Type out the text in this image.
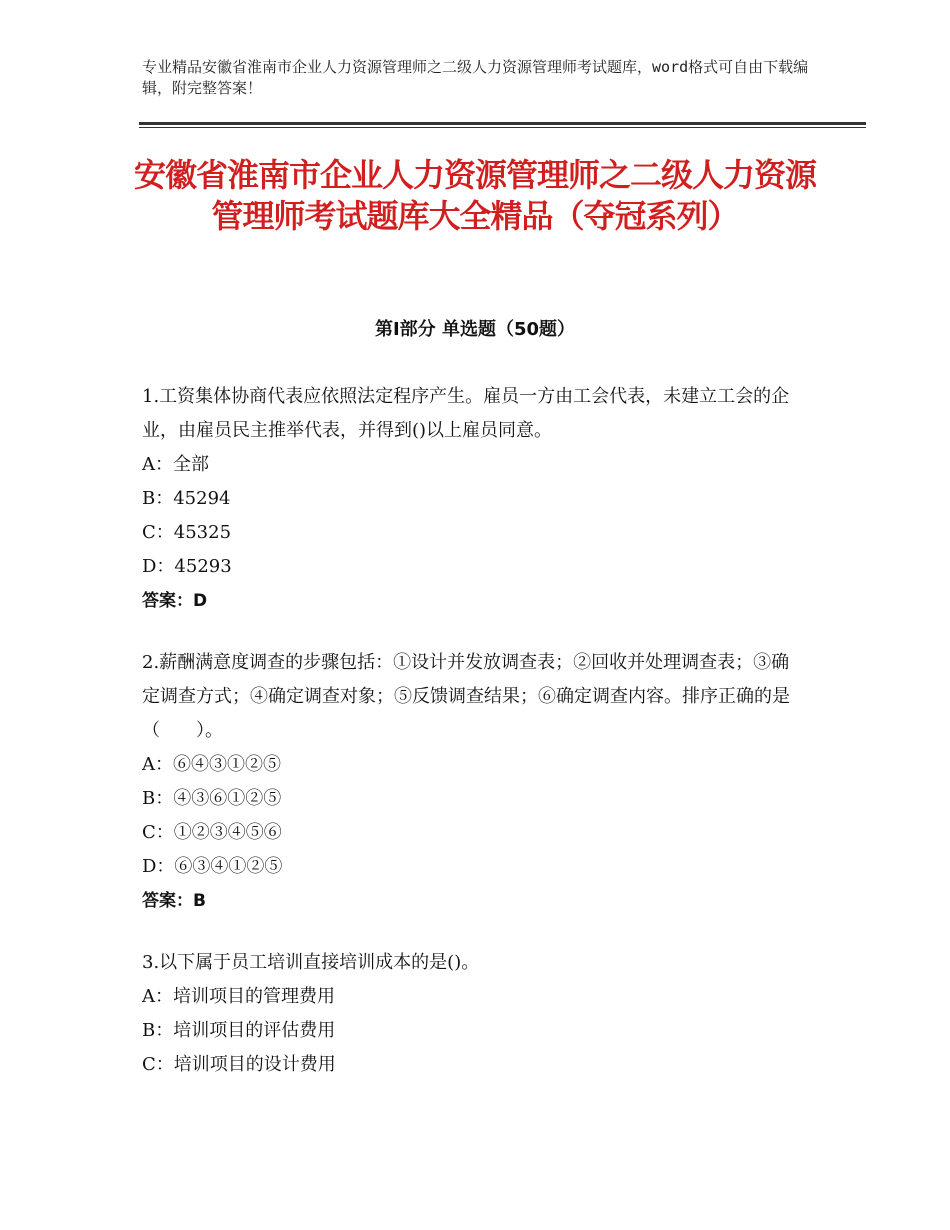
专业精品安徽省淮南市企业人力资源管理师之二级人力资源管理师考试题库，word格式可自由下载编辑，附完整答案！
安徽省淮南市企业人力资源管理师之二级人力资源管理师考试题库大全精品（夺冠系列）
第Ⅰ部分 单选题（50题）

1.工资集体协商代表应依照法定程序产生。雇员一方由工会代表，未建立工会的企业，由雇员民主推举代表，并得到()以上雇员同意。

A：全部

B：45294

C：45325

D：45293

答案：D

2.薪酬满意度调查的步骤包括：①设计并发放调查表；②回收并处理调查表；③确定调查方式；④确定调查对象；⑤反馈调查结果；⑥确定调查内容。排序正确的是（　　）。

A：⑥④③①②⑤

B：④③⑥①②⑤

C：①②③④⑤⑥

D：⑥③④①②⑤

答案：B

3.以下属于员工培训直接培训成本的是()。

A：培训项目的管理费用

B：培训项目的评估费用

C：培训项目的设计费用
